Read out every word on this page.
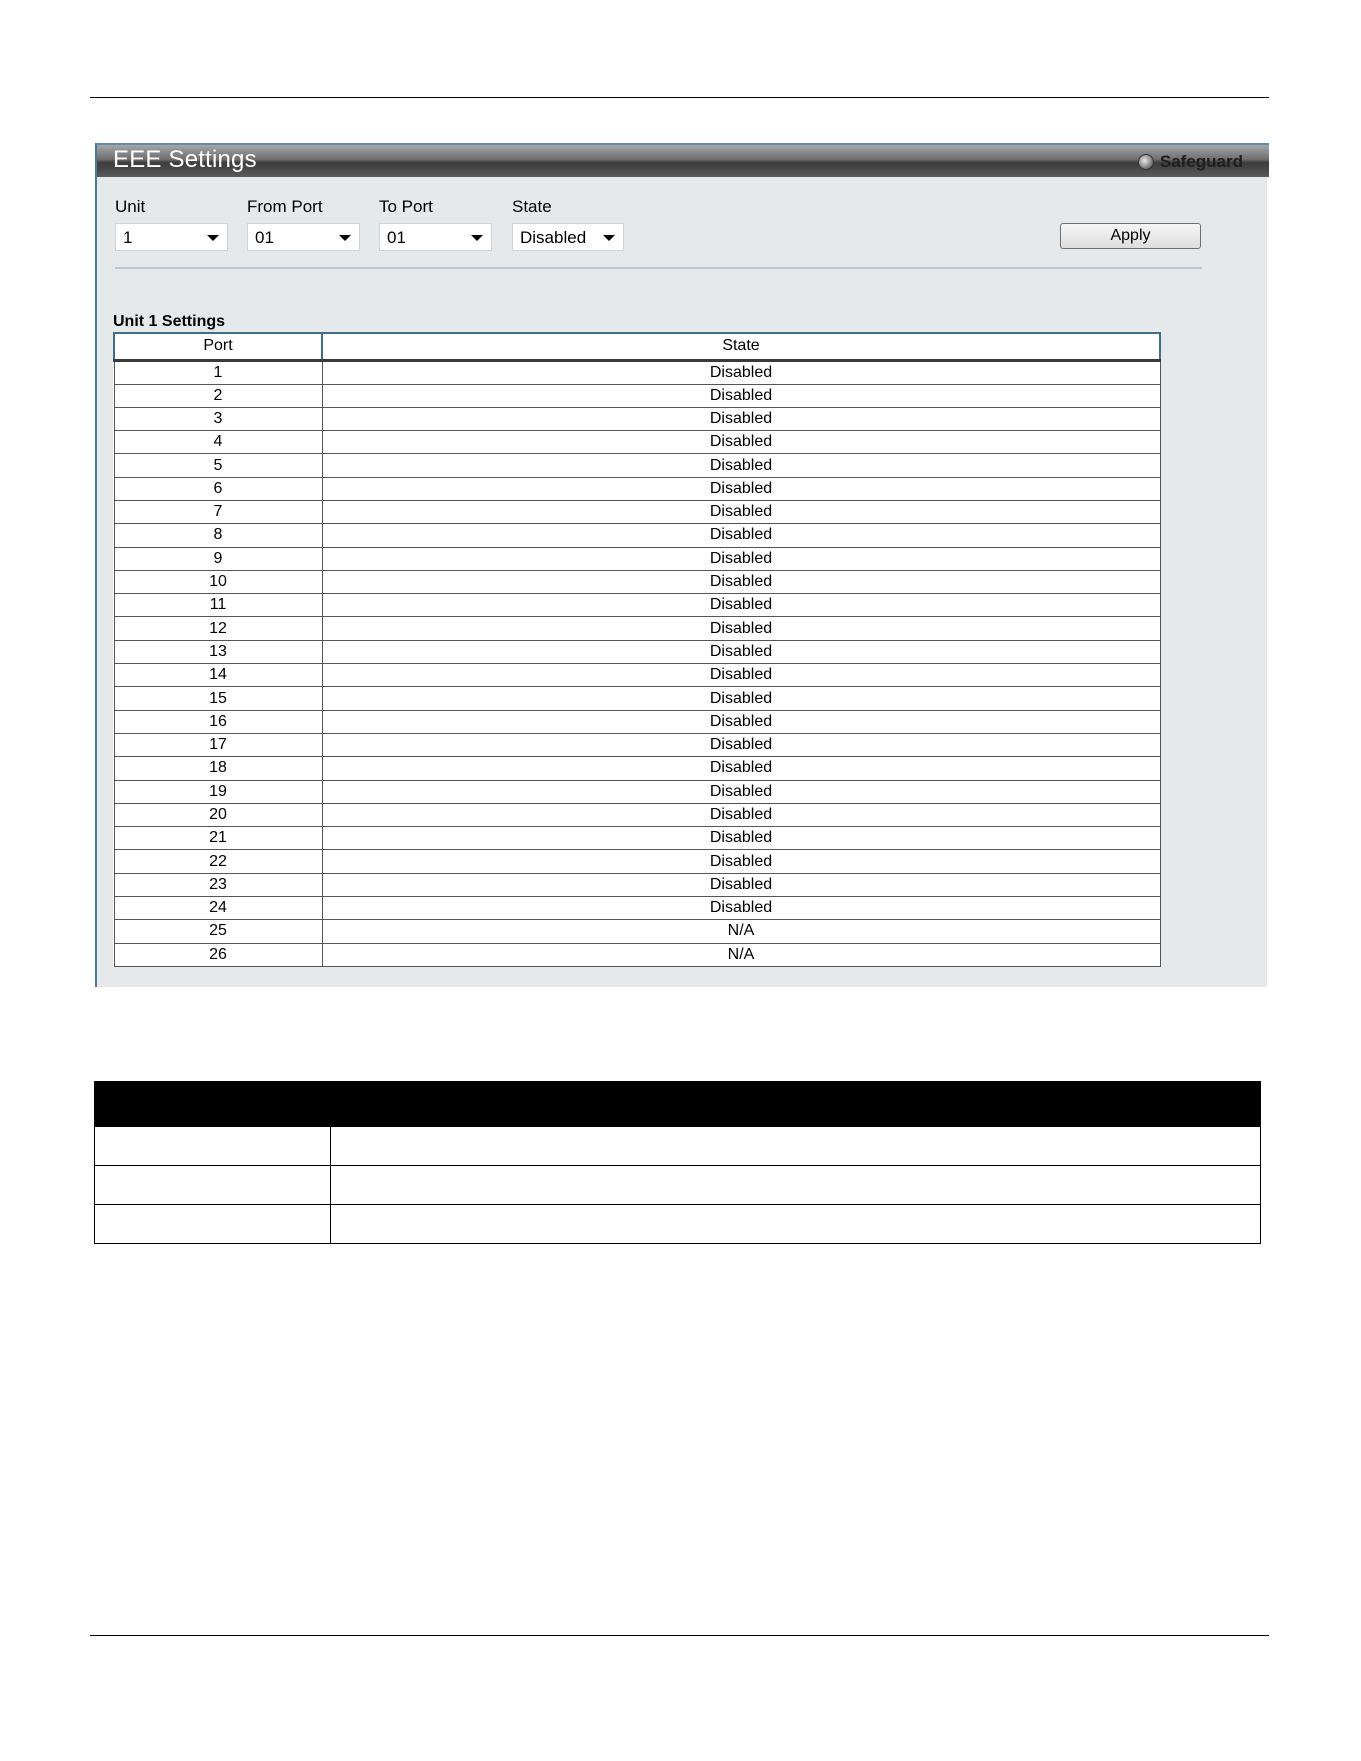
EEE Settings	Safeguard
Unit
1
From Port
01
To Port
01
State
Disabled	Apply
Unit 1 Settings
Port	State
1	Disabled
2	Disabled
3	Disabled
4	Disabled
5	Disabled
6	Disabled
7	Disabled
8	Disabled
9	Disabled
10	Disabled
11	Disabled
12	Disabled
13	Disabled
14	Disabled
15	Disabled
16	Disabled
17	Disabled
18	Disabled
19	Disabled
20	Disabled
21	Disabled
22	Disabled
23	Disabled
24	Disabled
25	N/A
26	N/A
